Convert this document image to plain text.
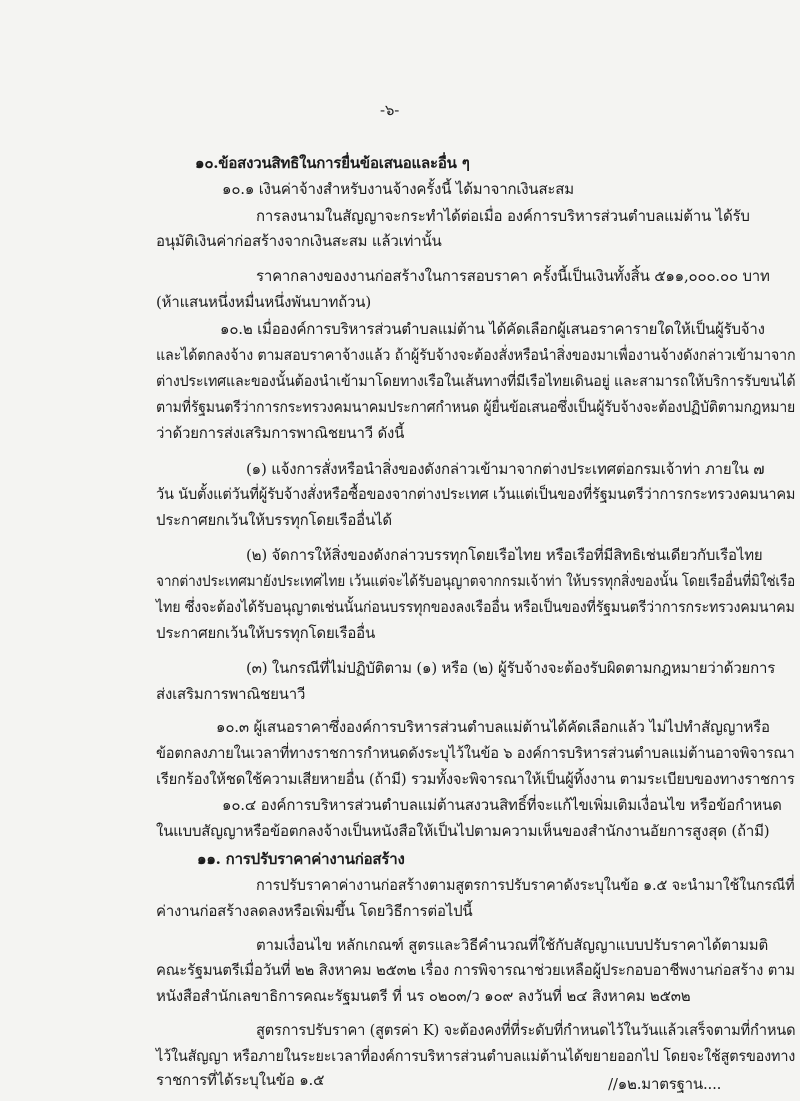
-๖-
๑๐.ข้อสงวนสิทธิในการยื่นข้อเสนอและอื่น ๆ
๑๐.๑ เงินค่าจ้างสำหรับงานจ้างครั้งนี้ ได้มาจากเงินสะสม
การลงนามในสัญญาจะกระทำได้ต่อเมื่อ องค์การบริหารส่วนตำบลแม่ต้าน ได้รับ
อนุมัติเงินค่าก่อสร้างจากเงินสะสม แล้วเท่านั้น
ราคากลางของงานก่อสร้างในการสอบราคา ครั้งนี้เป็นเงินทั้งสิ้น ๕๑๑,๐๐๐.๐๐ บาท
(ห้าแสนหนึ่งหมื่นหนึ่งพันบาทถ้วน)
๑๐.๒ เมื่อองค์การบริหารส่วนตำบลแม่ต้าน ได้คัดเลือกผู้เสนอราคารายใดให้เป็นผู้รับจ้าง
และได้ตกลงจ้าง ตามสอบราคาจ้างแล้ว ถ้าผู้รับจ้างจะต้องสั่งหรือนำสิ่งของมาเพื่องานจ้างดังกล่าวเข้ามาจาก
ต่างประเทศและของนั้นต้องนำเข้ามาโดยทางเรือในเส้นทางที่มีเรือไทยเดินอยู่ และสามารถให้บริการรับขนได้
ตามที่รัฐมนตรีว่าการกระทรวงคมนาคมประกาศกำหนด ผู้ยื่นข้อเสนอซึ่งเป็นผู้รับจ้างจะต้องปฏิบัติตามกฎหมาย
ว่าด้วยการส่งเสริมการพาณิชยนาวี ดังนี้
(๑) แจ้งการสั่งหรือนำสิ่งของดังกล่าวเข้ามาจากต่างประเทศต่อกรมเจ้าท่า ภายใน ๗
วัน นับตั้งแต่วันที่ผู้รับจ้างสั่งหรือซื้อของจากต่างประเทศ เว้นแต่เป็นของที่รัฐมนตรีว่าการกระทรวงคมนาคม
ประกาศยกเว้นให้บรรทุกโดยเรืออื่นได้
(๒) จัดการให้สิ่งของดังกล่าวบรรทุกโดยเรือไทย หรือเรือที่มีสิทธิเช่นเดียวกับเรือไทย
จากต่างประเทศมายังประเทศไทย เว้นแต่จะได้รับอนุญาตจากกรมเจ้าท่า ให้บรรทุกสิ่งของนั้น โดยเรืออื่นที่มิใช่เรือ
ไทย ซึ่งจะต้องได้รับอนุญาตเช่นนั้นก่อนบรรทุกของลงเรืออื่น หรือเป็นของที่รัฐมนตรีว่าการกระทรวงคมนาคม
ประกาศยกเว้นให้บรรทุกโดยเรืออื่น
(๓) ในกรณีที่ไม่ปฏิบัติตาม (๑) หรือ (๒) ผู้รับจ้างจะต้องรับผิดตามกฎหมายว่าด้วยการ
ส่งเสริมการพาณิชยนาวี
๑๐.๓ ผู้เสนอราคาซึ่งองค์การบริหารส่วนตำบลแม่ต้านได้คัดเลือกแล้ว ไม่ไปทำสัญญาหรือ
ข้อตกลงภายในเวลาที่ทางราชการกำหนดดังระบุไว้ในข้อ ๖ องค์การบริหารส่วนตำบลแม่ต้านอาจพิจารณา
เรียกร้องให้ชดใช้ความเสียหายอื่น (ถ้ามี) รวมทั้งจะพิจารณาให้เป็นผู้ทิ้งงาน ตามระเบียบของทางราชการ
๑๐.๔ องค์การบริหารส่วนตำบลแม่ต้านสงวนสิทธิ์ที่จะแก้ไขเพิ่มเติมเงื่อนไข หรือข้อกำหนด
ในแบบสัญญาหรือข้อตกลงจ้างเป็นหนังสือให้เป็นไปตามความเห็นของสำนักงานอัยการสูงสุด (ถ้ามี)
๑๑. การปรับราคาค่างานก่อสร้าง
การปรับราคาค่างานก่อสร้างตามสูตรการปรับราคาดังระบุในข้อ ๑.๕ จะนำมาใช้ในกรณีที่
ค่างานก่อสร้างลดลงหรือเพิ่มขึ้น โดยวิธีการต่อไปนี้
ตามเงื่อนไข หลักเกณฑ์ สูตรและวิธีคำนวณที่ใช้กับสัญญาแบบปรับราคาได้ตามมติ
คณะรัฐมนตรีเมื่อวันที่ ๒๒ สิงหาคม ๒๕๓๒ เรื่อง การพิจารณาช่วยเหลือผู้ประกอบอาชีพงานก่อสร้าง ตาม
หนังสือสำนักเลขาธิการคณะรัฐมนตรี ที่ นร ๐๒๐๓/ว ๑๐๙ ลงวันที่ ๒๔ สิงหาคม ๒๕๓๒
สูตรการปรับราคา (สูตรค่า K) จะต้องคงที่ที่ระดับที่กำหนดไว้ในวันแล้วเสร็จตามที่กำหนด
ไว้ในสัญญา หรือภายในระยะเวลาที่องค์การบริหารส่วนตำบลแม่ต้านได้ขยายออกไป โดยจะใช้สูตรของทาง
ราชการที่ได้ระบุในข้อ ๑.๕	//๑๒.มาตรฐาน....
